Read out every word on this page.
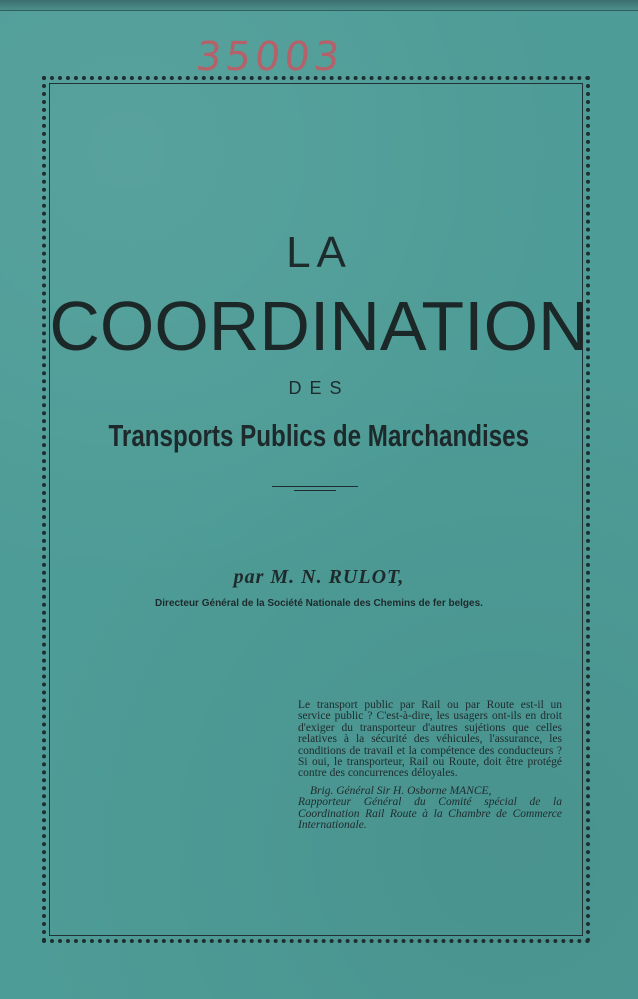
35003
LA
COORDINATION
DES
Transports Publics de Marchandises
par M. N. RULOT,
Directeur Général de la Société Nationale des Chemins de fer belges.

Le transport public par Rail ou par Route est-il un service public ? C'est-à-dire, les usagers ont-ils en droit d'exiger du transporteur d'autres sujétions que celles relatives à la sécurité des véhicules, l'assurance, les conditions de travail et la compétence des conducteurs ? Si oui, le transporteur, Rail ou Route, doit être protégé contre des concurrences déloyales.

Brig. Général Sir H. Osborne MANCE,

Rapporteur Général du Comité spécial de la Coordination Rail Route à la Chambre de Commerce Internationale.
